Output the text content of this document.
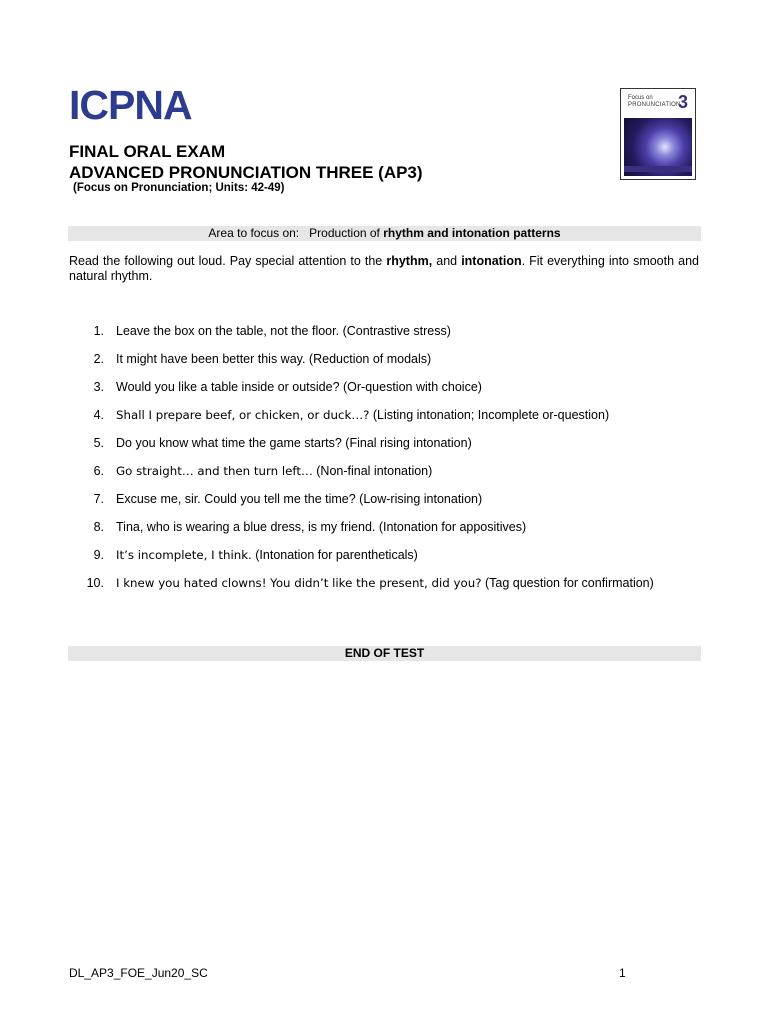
ICPNA	Focus on
PRONUNCIATION
3
FINAL ORAL EXAM
ADVANCED PRONUNCIATION THREE (AP3)
(Focus on Pronunciation; Units: 42-49)
Area to focus on: Production of rhythm and intonation patterns
Read the following out loud. Pay special attention to the rhythm, and intonation. Fit everything into smooth and natural rhythm.
1. Leave the box on the table, not the floor. (Contrastive stress)
2. It might have been better this way. (Reduction of modals)
3. Would you like a table inside or outside? (Or-question with choice)
4. Shall I prepare beef, or chicken, or duck…? (Listing intonation; Incomplete or-question)
5. Do you know what time the game starts? (Final rising intonation)
6. Go straight… and then turn left… (Non-final intonation)
7. Excuse me, sir. Could you tell me the time? (Low-rising intonation)
8. Tina, who is wearing a blue dress, is my friend. (Intonation for appositives)
9. It’s incomplete, I think. (Intonation for parentheticals)
10. I knew you hated clowns! You didn’t like the present, did you? (Tag question for confirmation)
END OF TEST
DL_AP3_FOE_Jun20_SC	1
